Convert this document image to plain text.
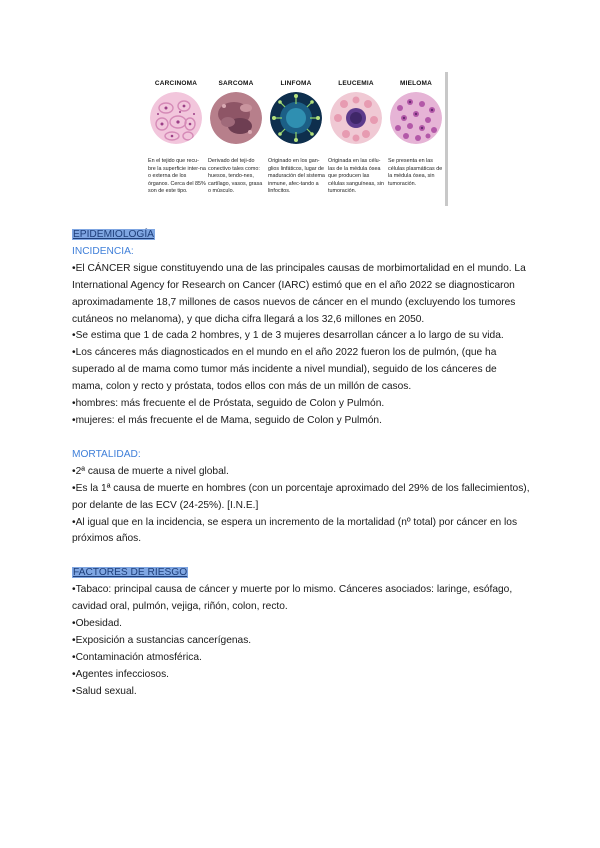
CARCINOMA
En el tejido que recu-bre la superficie inter-na o externa de los órganos. Cerca del 85% son de este tipo.
SARCOMA
Derivado del teji-do conectivo tales como: huesos, tendo-nes, cartílago, vasos, grasa o músculo.
LINFOMA
Originado en los gan-glios linfáticos, lugar de maduración del sistema inmune, afec-tando a linfocitos.
LEUCEMIA
Originada en las célu-las de la médula ósea que producen las células sanguíneas, sin tumoración.
MIELOMA
Se presenta en las células plasmáticas de la médula ósea, sin tumoración.

EPIDEMIOLOGÍA

INCIDENCIA:

•El CÁNCER sigue constituyendo una de las principales causas de morbimortalidad en el mundo. La International Agency for Research on Cancer (IARC) estimó que en el año 2022 se diagnosticaron aproximadamente 18,7 millones de casos nuevos de cáncer en el mundo (excluyendo los tumores cutáneos no melanoma), y que dicha cifra llegará a los 32,6 millones en 2050.

•Se estima que 1 de cada 2 hombres, y 1 de 3 mujeres desarrollan cáncer a lo largo de su vida.

•Los cánceres más diagnosticados en el mundo en el año 2022 fueron los de pulmón, (que ha superado al de mama como tumor más incidente a nivel mundial), seguido de los cánceres de mama, colon y recto y próstata, todos ellos con más de un millón de casos.

•hombres: más frecuente el de Próstata, seguido de Colon y Pulmón.

•mujeres: el más frecuente el de Mama, seguido de Colon y Pulmón.

MORTALIDAD:

•2ª causa de muerte a nivel global.

•Es la 1ª causa de muerte en hombres (con un porcentaje aproximado del 29% de los fallecimientos), por delante de las ECV (24-25%). [I.N.E.]

•Al igual que en la incidencia, se espera un incremento de la mortalidad (nº total) por cáncer en los próximos años.

FACTORES DE RIESGO

•Tabaco: principal causa de cáncer y muerte por lo mismo. Cánceres asociados: laringe, esófago, cavidad oral, pulmón, vejiga, riñón, colon, recto.

•Obesidad.

•Exposición a sustancias cancerígenas.

•Contaminación atmosférica.

•Agentes infecciosos.

•Salud sexual.
